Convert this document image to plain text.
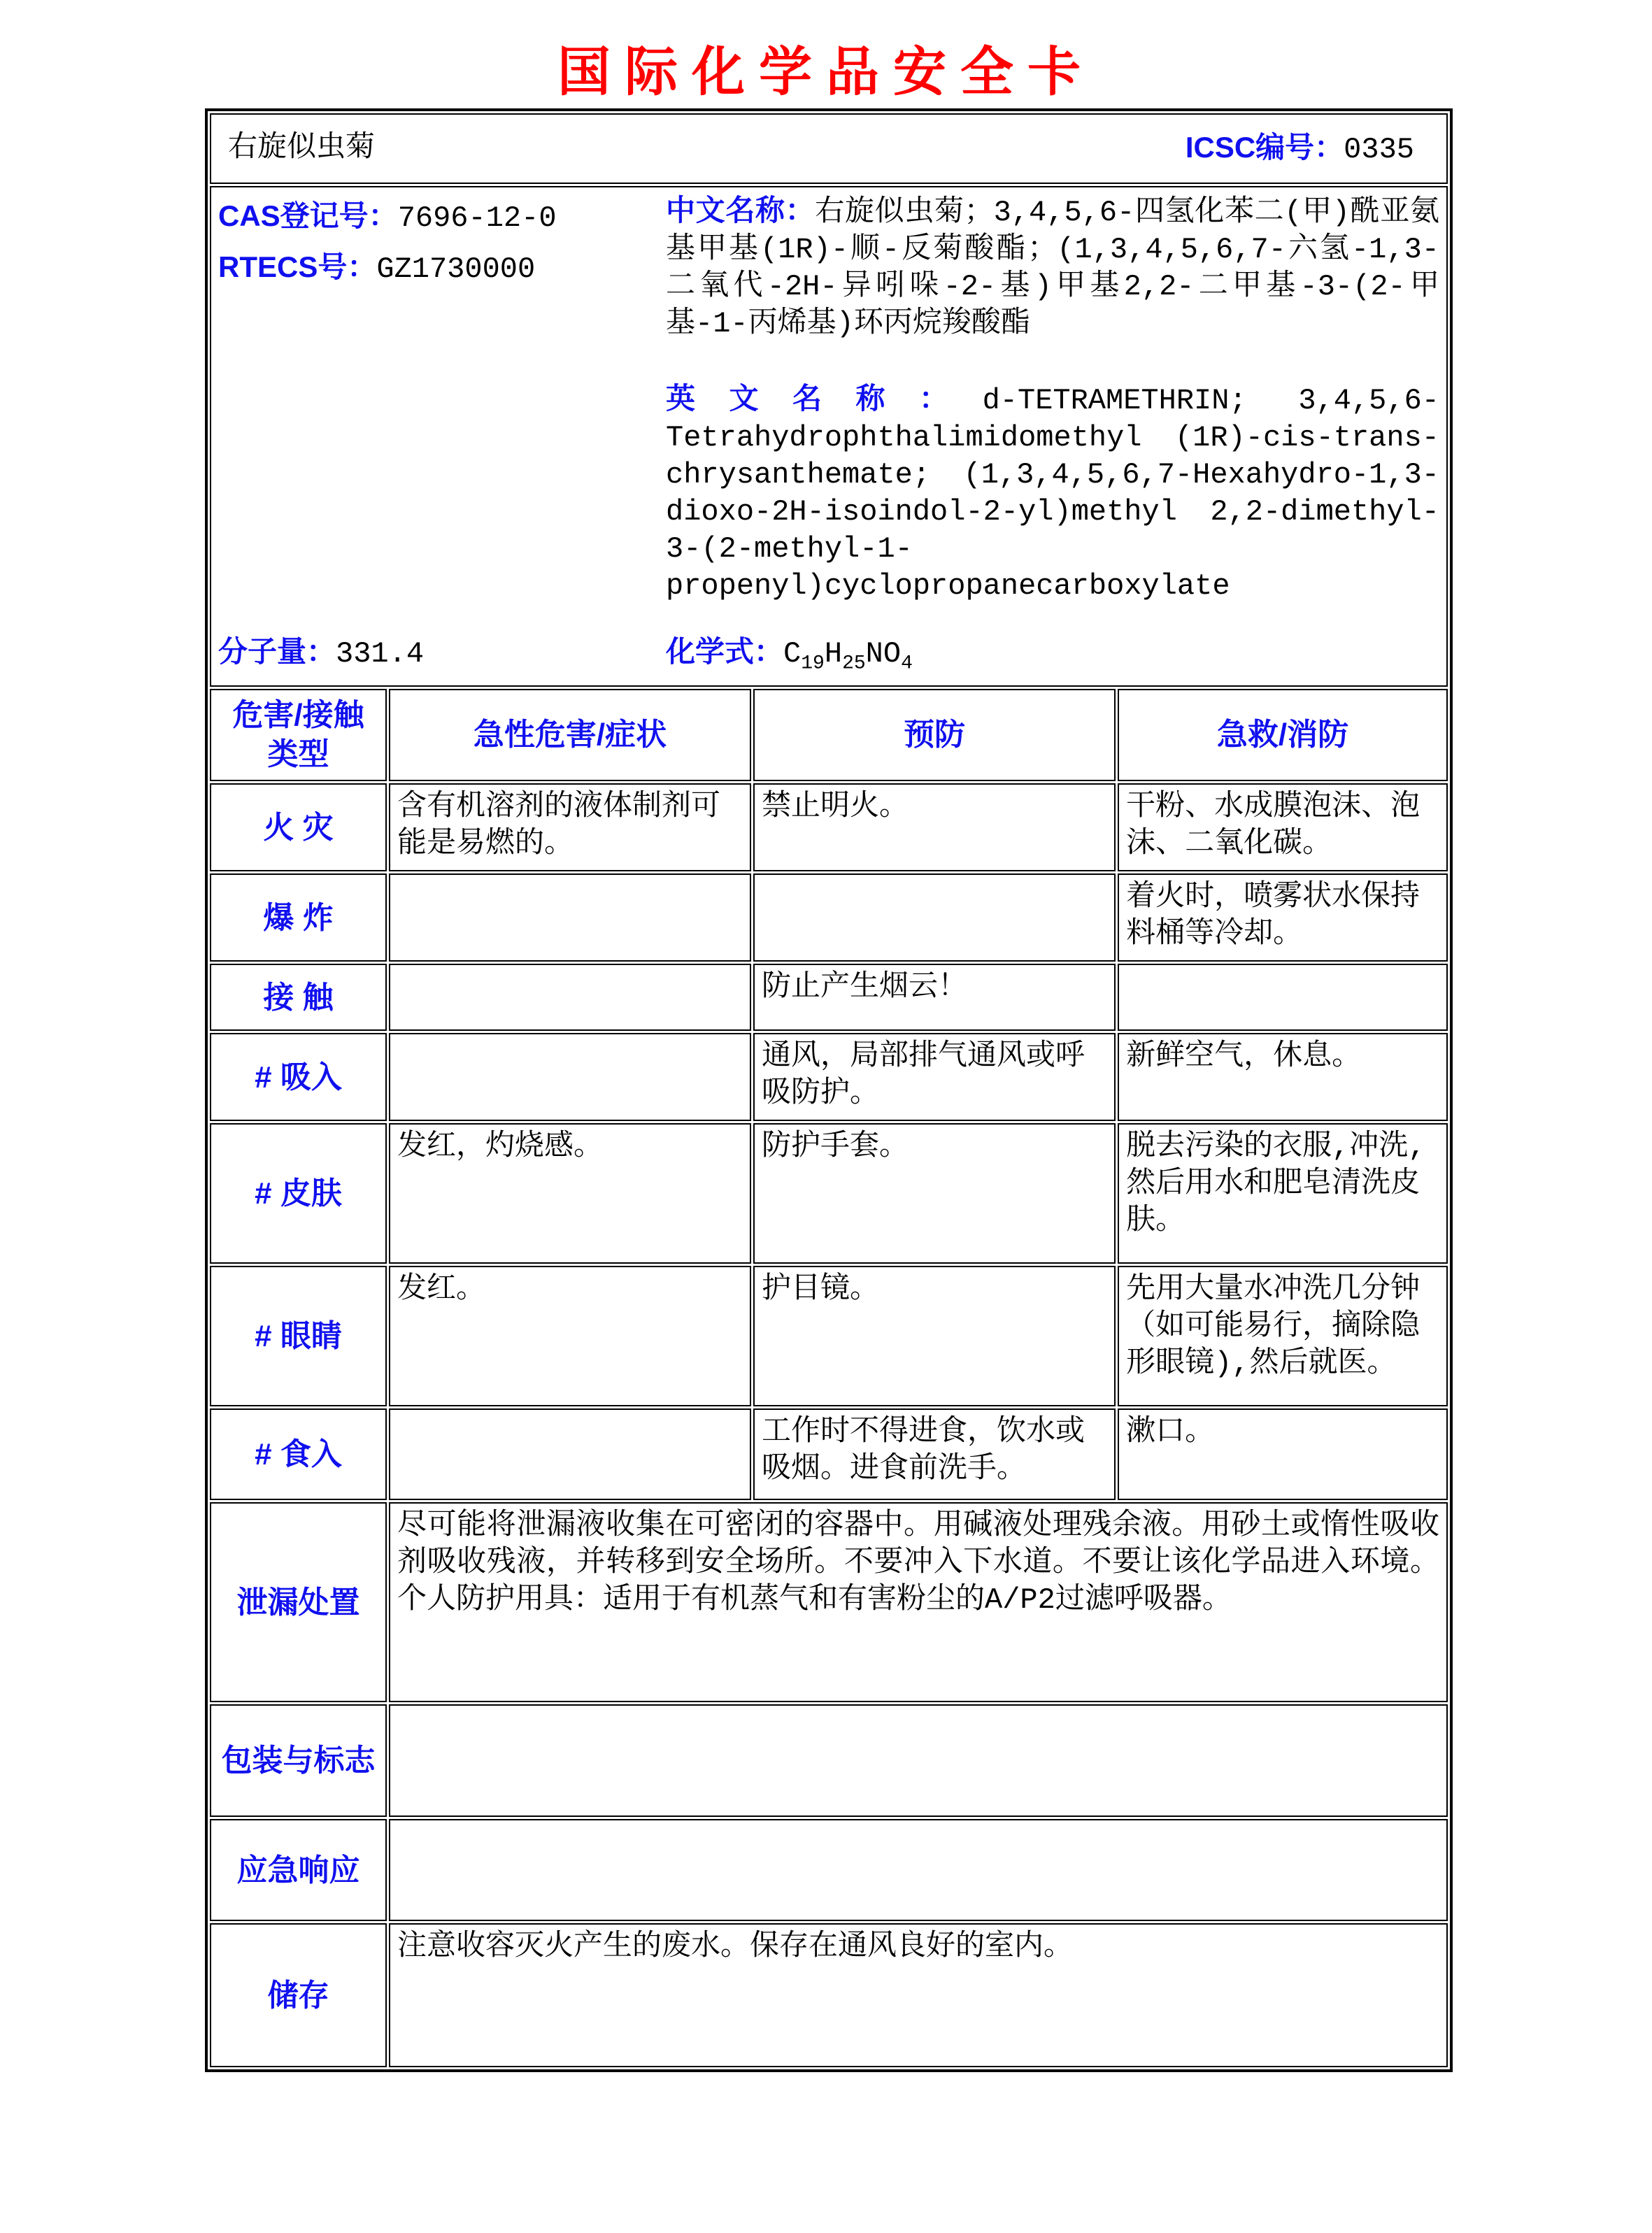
国际化学品安全卡
右旋似虫菊 ICSC编号：0335			

CAS登记号：7696-12-0
RTECS号：GZ1730000

中文名称：右旋似虫菊；3,4,5,6-四氢化苯二(甲)酰亚氨基甲基(1R)-顺-反菊酸酯；(1,3,4,5,6,7-六氢-1,3-二氧代-2H-异吲哚-2-基)甲基2,2-二甲基-3-(2-甲基-1-丙烯基)环丙烷羧酸酯

英文名称：d-TETRAMETHRIN; 3,4,5,6-Tetrahydrophthalimidomethyl (1R)-cis-trans-chrysanthemate; (1,3,4,5,6,7-Hexahydro-1,3-dioxo-2H-isoindol-2-yl)methyl 2,2-dimethyl-3-(2-methyl-1-propenyl)cyclopropanecarboxylate

分子量：331.4	化学式：$C_{19}H_{25}NO_4$

危害/接触 类型	急性危害/症状	预防	急救/消防
火 灾	含有机溶剂的液体制剂可能是易燃的。	禁止明火。	干粉、水成膜泡沫、泡沫、二氧化碳。
爆 炸			着火时，喷雾状水保持料桶等冷却。
接 触		防止产生烟云！	
# 吸入		通风，局部排气通风或呼吸防护。	新鲜空气，休息。
# 皮肤	发红，灼烧感。	防护手套。	脱去污染的衣服,冲洗,然后用水和肥皂清洗皮肤。
# 眼睛	发红。	护目镜。	先用大量水冲洗几分钟（如可能易行，摘除隐形眼镜),然后就医。
# 食入		工作时不得进食，饮水或吸烟。进食前洗手。	漱口。
泄漏处置	尽可能将泄漏液收集在可密闭的容器中。用碱液处理残余液。用砂土或惰性吸收剂吸收残液，并转移到安全场所。不要冲入下水道。不要让该化学品进入环境。个人防护用具：适用于有机蒸气和有害粉尘的A/P2过滤呼吸器。		
包装与标志			
应急响应			
储存	注意收容灭火产生的废水。保存在通风良好的室内。		
